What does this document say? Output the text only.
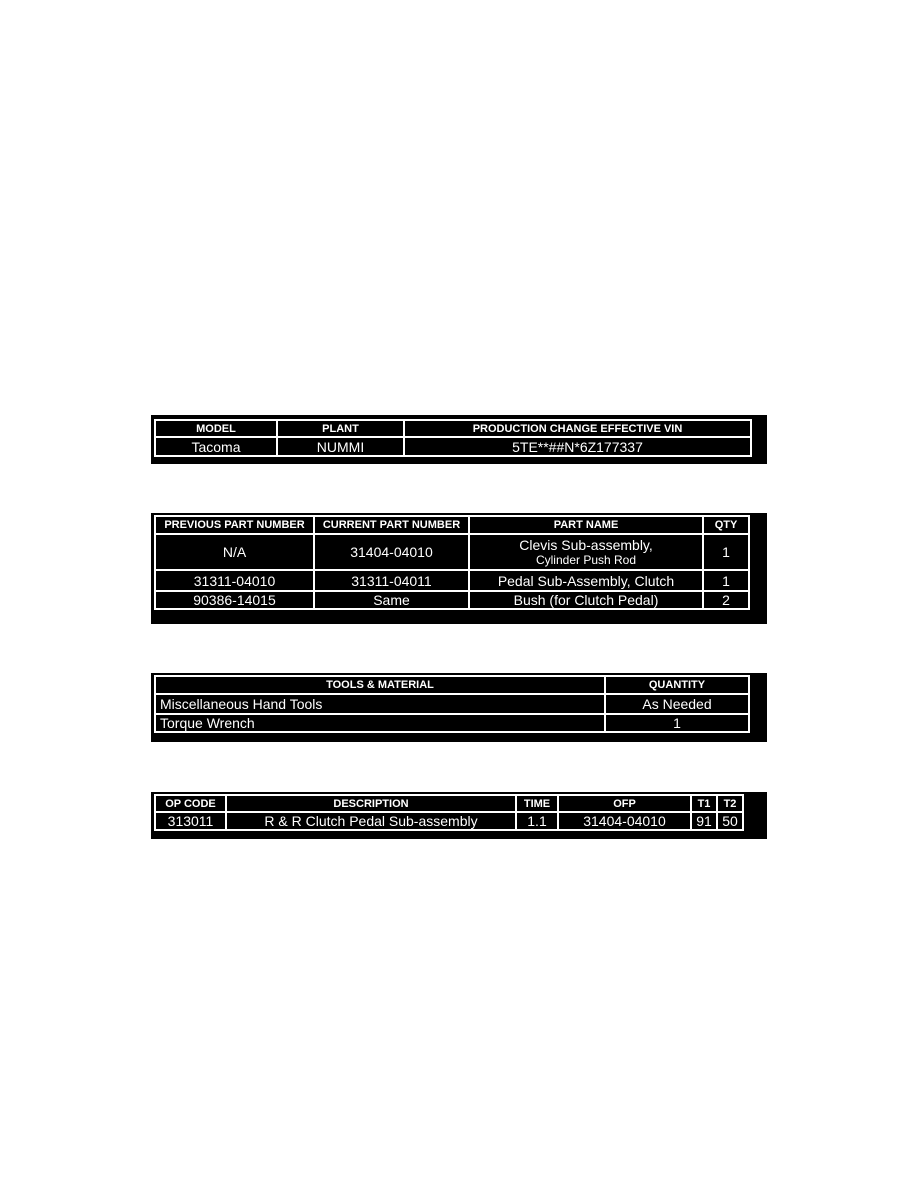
MODEL	PLANT	PRODUCTION CHANGE EFFECTIVE VIN
Tacoma	NUMMI	5TE**##N*6Z177337
PREVIOUS PART NUMBER	CURRENT PART NUMBER	PART NAME	QTY
N/A	31404-04010	Clevis Sub-assembly,
Cylinder Push Rod	1
31311-04010	31311-04011	Pedal Sub-Assembly, Clutch	1
90386-14015	Same	Bush (for Clutch Pedal)	2
TOOLS & MATERIAL	QUANTITY
Miscellaneous Hand Tools	As Needed
Torque Wrench	1
OP CODE	DESCRIPTION	TIME	OFP	T1	T2
313011	R & R Clutch Pedal Sub-assembly	1.1	31404-04010	91	50
